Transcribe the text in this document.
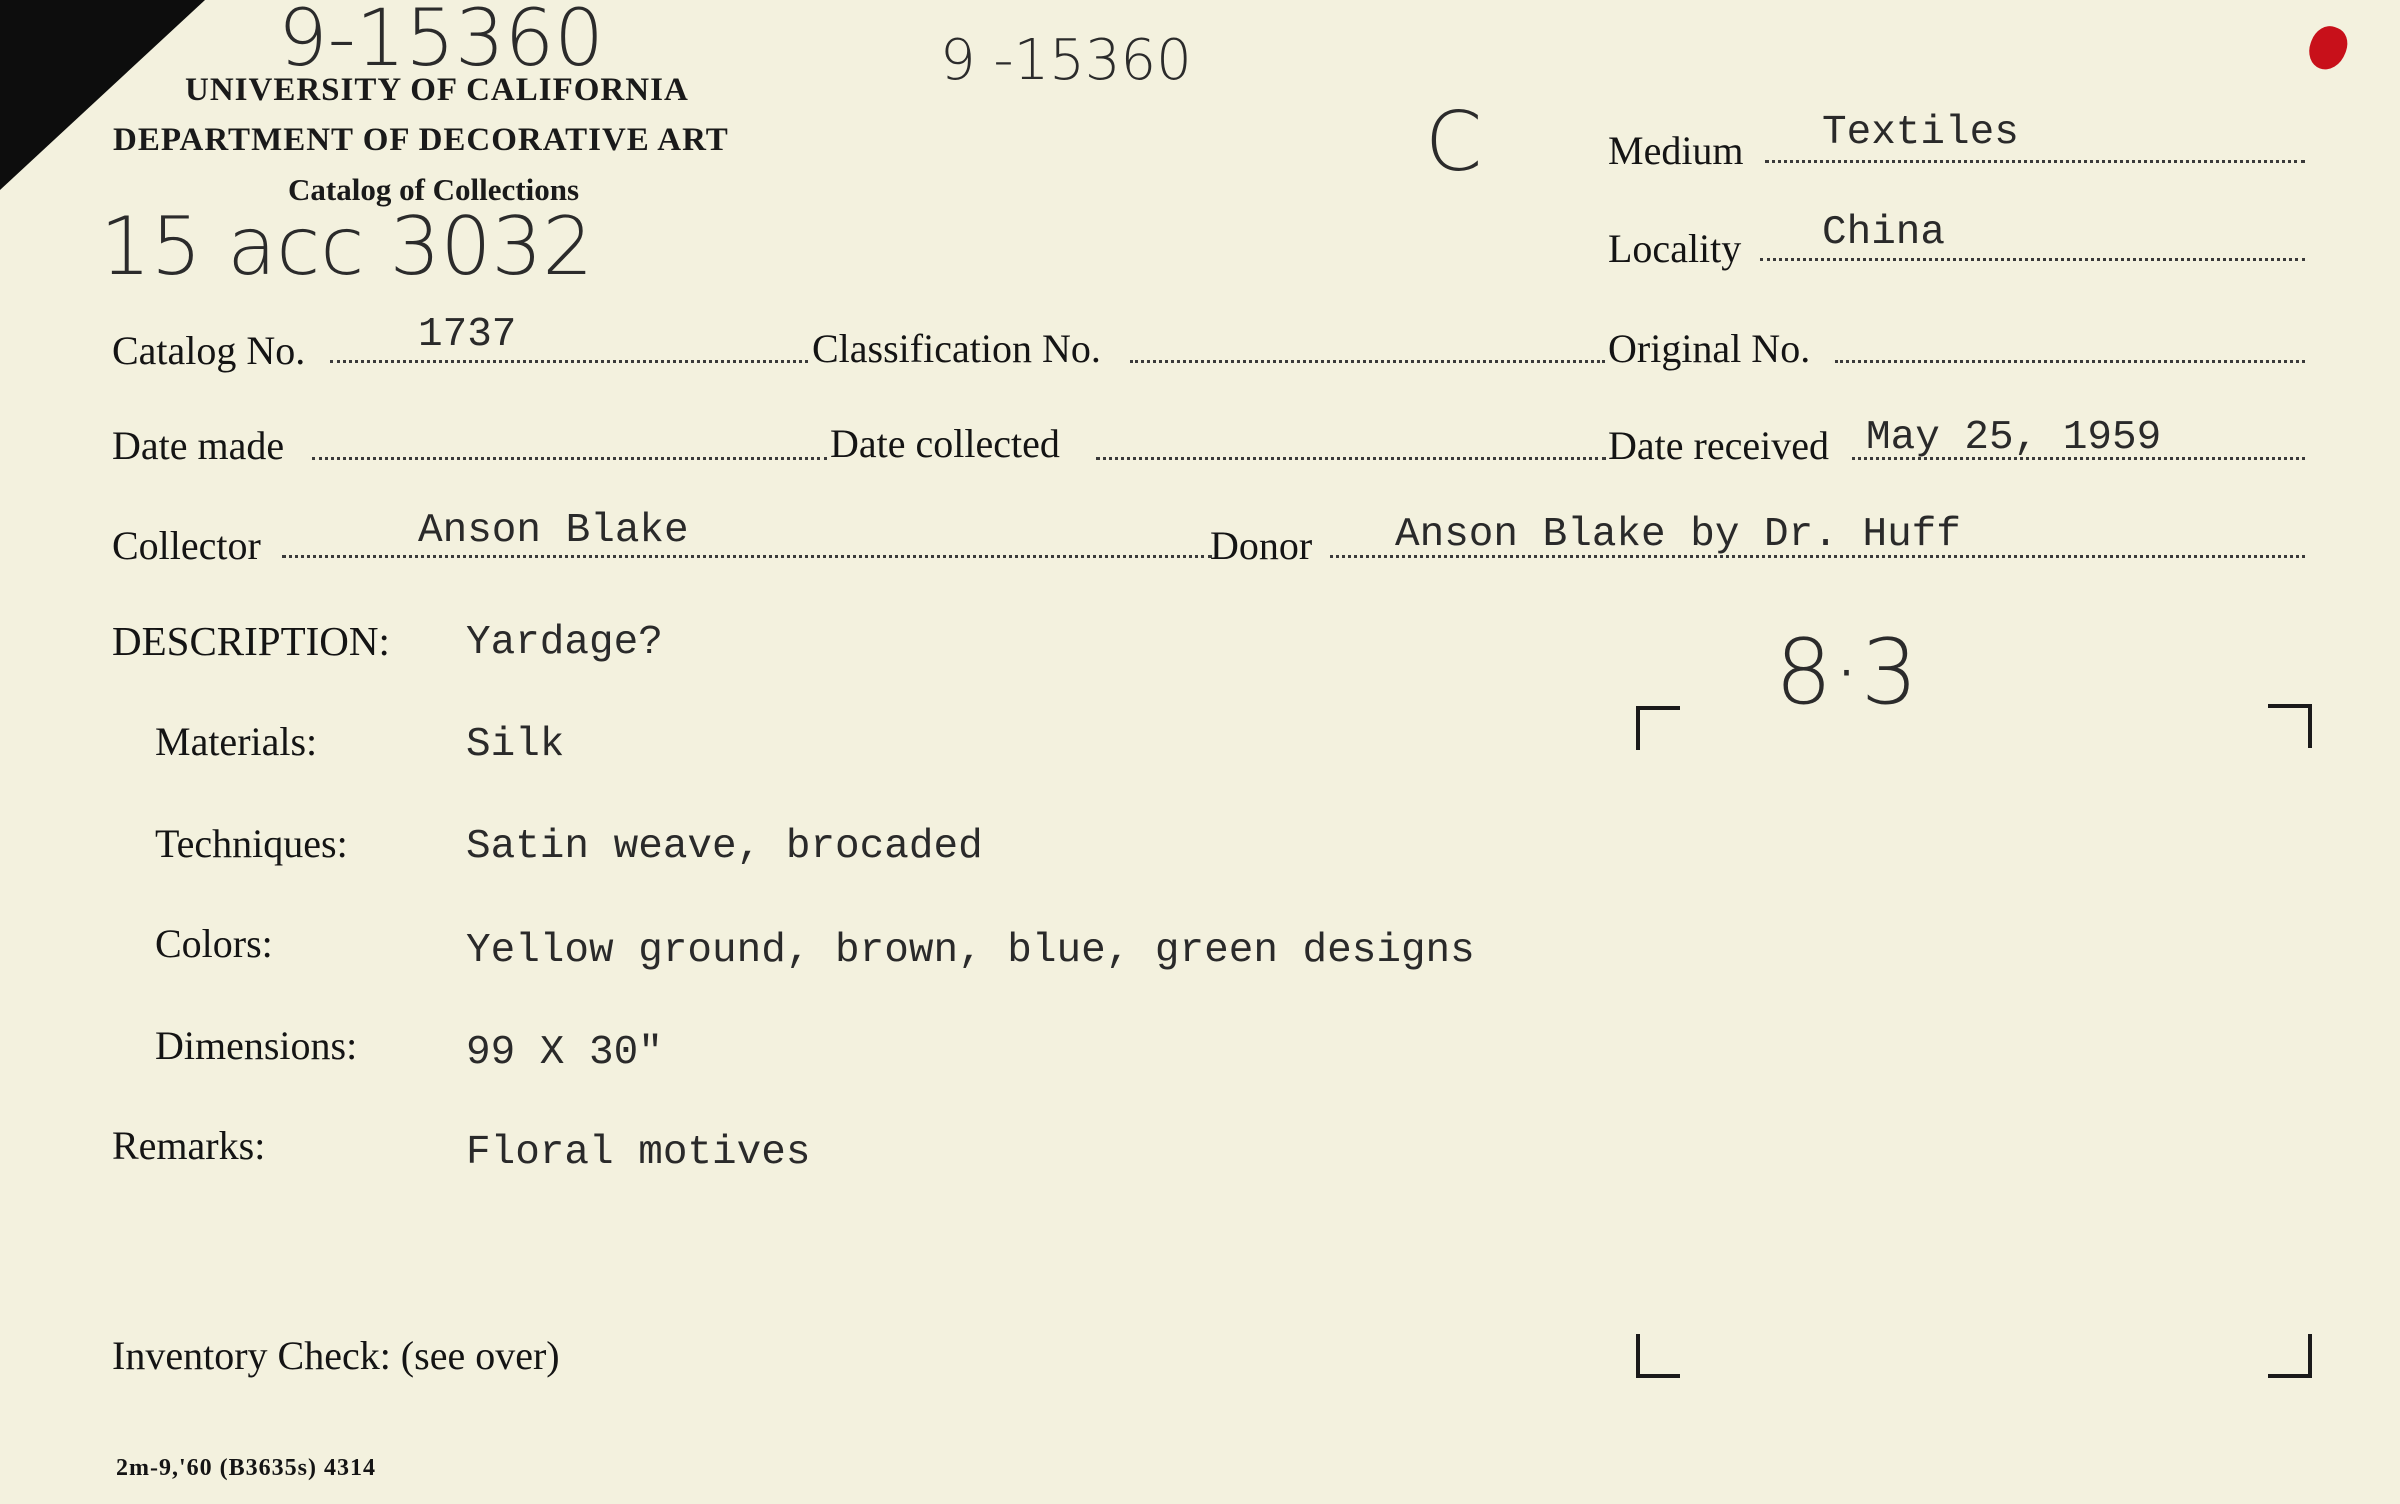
9-15360	9 -15360
C
UNIVERSITY OF CALIFORNIA
DEPARTMENT OF DECORATIVE ART
Catalog of Collections
15 acc 3032
Medium Textiles
Locality China
Catalog No.	1737	Classification No.	Original No.
Date made	Date collected	Date received May 25, 1959
Collector	Anson Blake	Donor Anson Blake by Dr. Huff
DESCRIPTION: Yardage?
Materials:	Silk
Techniques:	Satin weave, brocaded
Colors:	Yellow ground, brown, blue, green designs
Dimensions:	99 X 30"
Remarks:	Floral motives
8·3
Inventory Check: (see over)
2m-9,'60 (B3635s) 4314
